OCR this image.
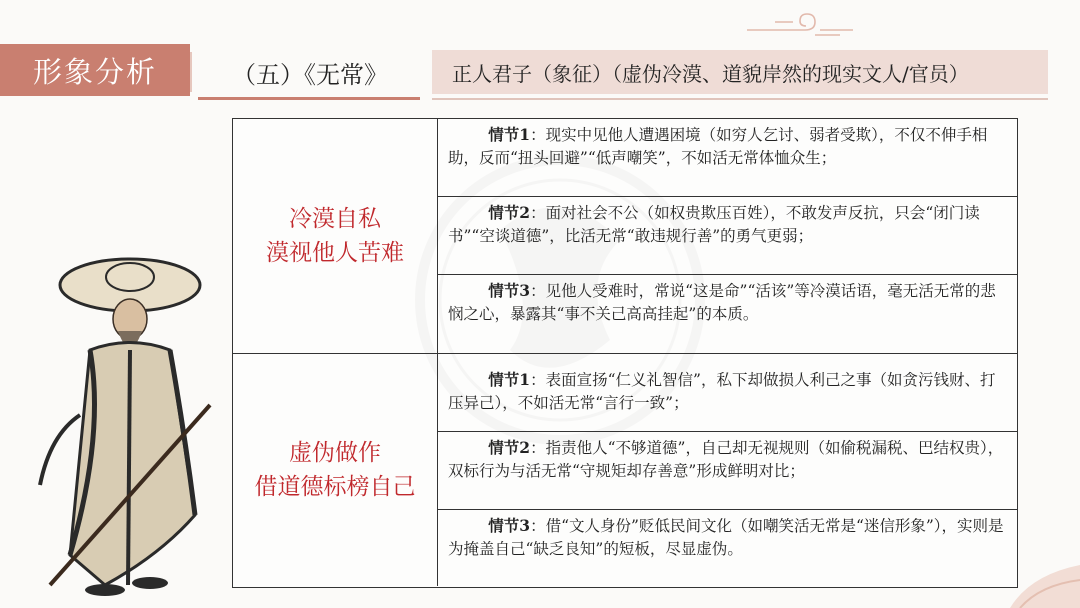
形象分析	（五）《无常》	正人君子（象征）（虚伪冷漠、道貌岸然的现实文人/官员）
冷漠自私
漠视他人苦难

情节1：现实中见他人遭遇困境（如穷人乞讨、弱者受欺），不仅不伸手相助，反而“扭头回避”“低声嘲笑”，不如活无常体恤众生；

情节2：面对社会不公（如权贵欺压百姓），不敢发声反抗，只会“闭门读书”“空谈道德”，比活无常“敢违规行善”的勇气更弱；

情节3：见他人受难时，常说“这是命”“活该”等冷漠话语，毫无活无常的悲悯之心，暴露其“事不关己高高挂起”的本质。

虚伪做作
借道德标榜自己

情节1：表面宣扬“仁义礼智信”，私下却做损人利己之事（如贪污钱财、打压异己），不如活无常“言行一致”；

情节2：指责他人“不够道德”，自己却无视规则（如偷税漏税、巴结权贵），双标行为与活无常“守规矩却存善意”形成鲜明对比；

情节3：借“文人身份”贬低民间文化（如嘲笑活无常是“迷信形象”），实则是为掩盖自己“缺乏良知”的短板，尽显虚伪。
